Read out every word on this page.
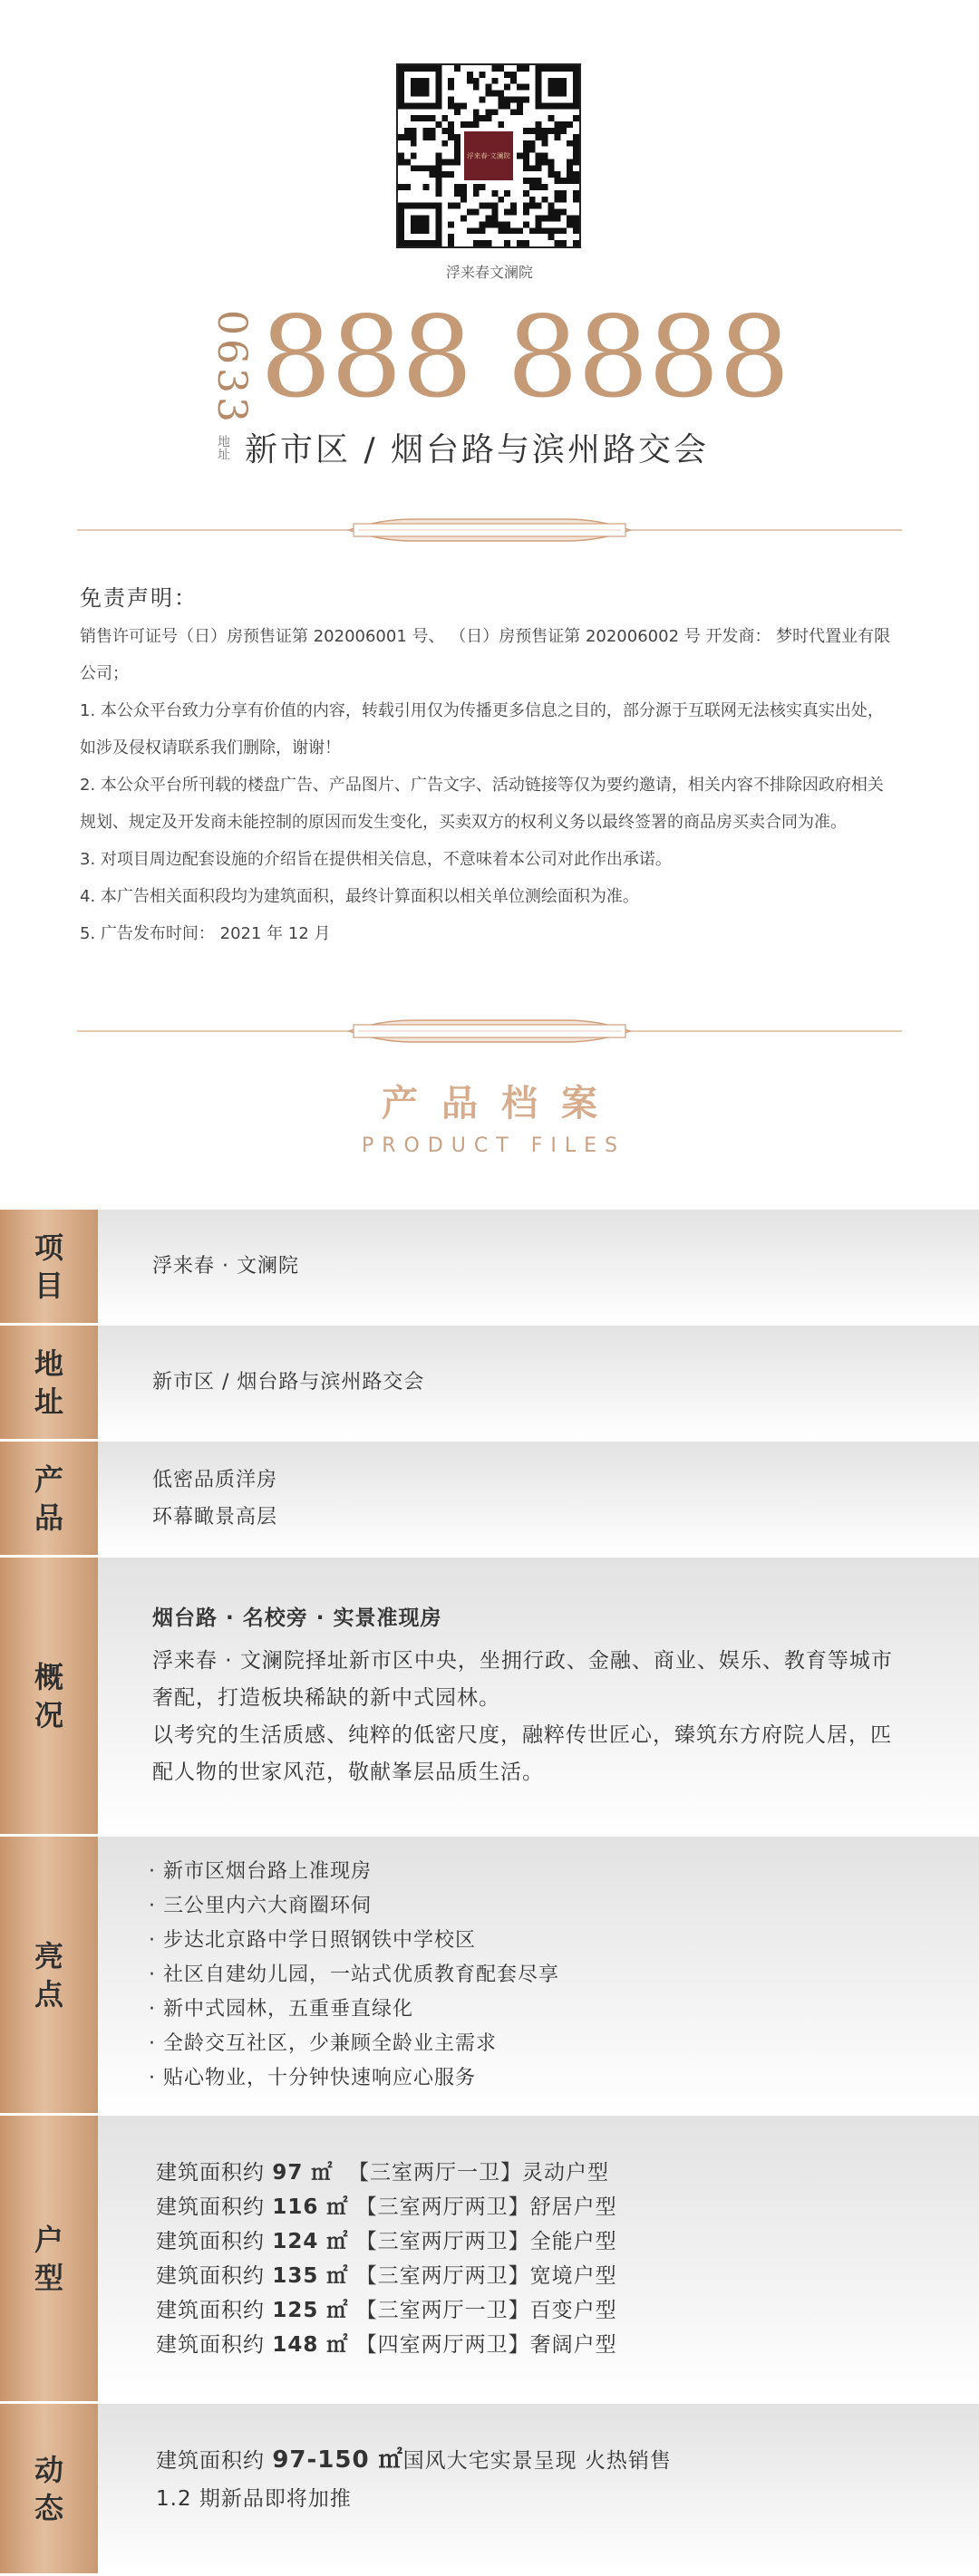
浮来春·文澜院
浮来春文澜院
0633 888 8888
地址 新市区 / 烟台路与滨州路交会
免责声明：

销售许可证号（日）房预售证第 202006001 号、 （日）房预售证第 202006002 号 开发商： 梦时代置业有限公司；

1. 本公众平台致力分享有价值的内容，转载引用仅为传播更多信息之目的，部分源于互联网无法核实真实出处，如涉及侵权请联系我们删除，谢谢！

2. 本公众平台所刊载的楼盘广告、产品图片、广告文字、活动链接等仅为要约邀请，相关内容不排除因政府相关规划、规定及开发商未能控制的原因而发生变化，买卖双方的权利义务以最终签署的商品房买卖合同为准。

3. 对项目周边配套设施的介绍旨在提供相关信息，不意味着本公司对此作出承诺。

4. 本广告相关面积段均为建筑面积，最终计算面积以相关单位测绘面积为准。

5. 广告发布时间： 2021 年 12 月

产品档案
PRODUCT FILES
项目
浮来春 · 文澜院
地址
新市区 / 烟台路与滨州路交会
产品
低密品质洋房
环幕瞰景高层
概况
烟台路 · 名校旁 · 实景准现房
浮来春 · 文澜院择址新市区中央，坐拥行政、金融、商业、娱乐、教育等城市奢配，打造板块稀缺的新中式园林。
以考究的生活质感、纯粹的低密尺度，融粹传世匠心，臻筑东方府院人居，匹配人物的世家风范，敬献峯层品质生活。
亮点
· 新市区烟台路上准现房
· 三公里内六大商圈环伺
· 步达北京路中学日照钢铁中学校区
· 社区自建幼儿园，一站式优质教育配套尽享
· 新中式园林，五重垂直绿化
· 全龄交互社区，少兼顾全龄业主需求
· 贴心物业，十分钟快速响应心服务
户型
建筑面积约 97 ㎡  【三室两厅一卫】灵动户型
建筑面积约 116 ㎡ 【三室两厅两卫】舒居户型
建筑面积约 124 ㎡ 【三室两厅两卫】全能户型
建筑面积约 135 ㎡ 【三室两厅两卫】宽境户型
建筑面积约 125 ㎡ 【三室两厅一卫】百变户型
建筑面积约 148 ㎡ 【四室两厅两卫】奢阔户型
动态
建筑面积约 97-150 ㎡国风大宅实景呈现 火热销售
1.2 期新品即将加推
